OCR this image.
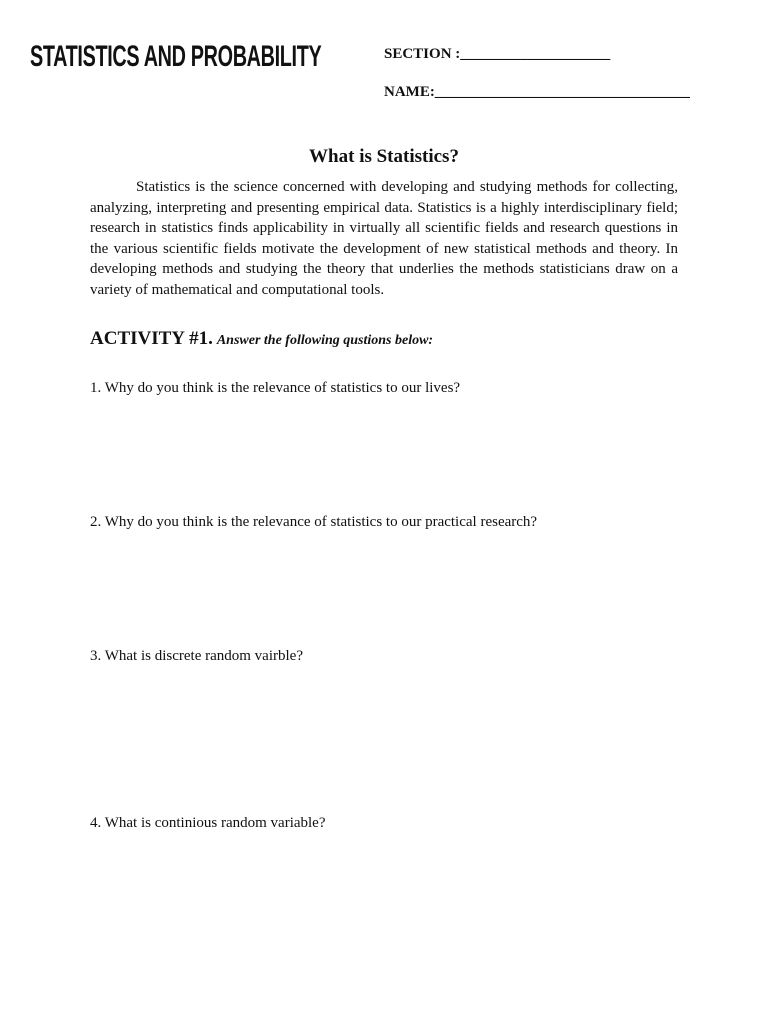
STATISTICS AND PROBABILITY	SECTION :____________________
NAME:__________________________________
What is Statistics?

Statistics is the science concerned with developing and studying methods for collecting, analyzing, interpreting and presenting empirical data. Statistics is a highly interdisciplinary field; research in statistics finds applicability in virtually all scientific fields and research questions in the various scientific fields motivate the development of new statistical methods and theory. In developing methods and studying the theory that underlies the methods statisticians draw on a variety of mathematical and computational tools.

ACTIVITY #1. Answer the following qustions below:
1. Why do you think is the relevance of statistics to our lives?
2. Why do you think is the relevance of statistics to our practical research?
3. What is discrete random vairble?
4. What is continious random variable?
